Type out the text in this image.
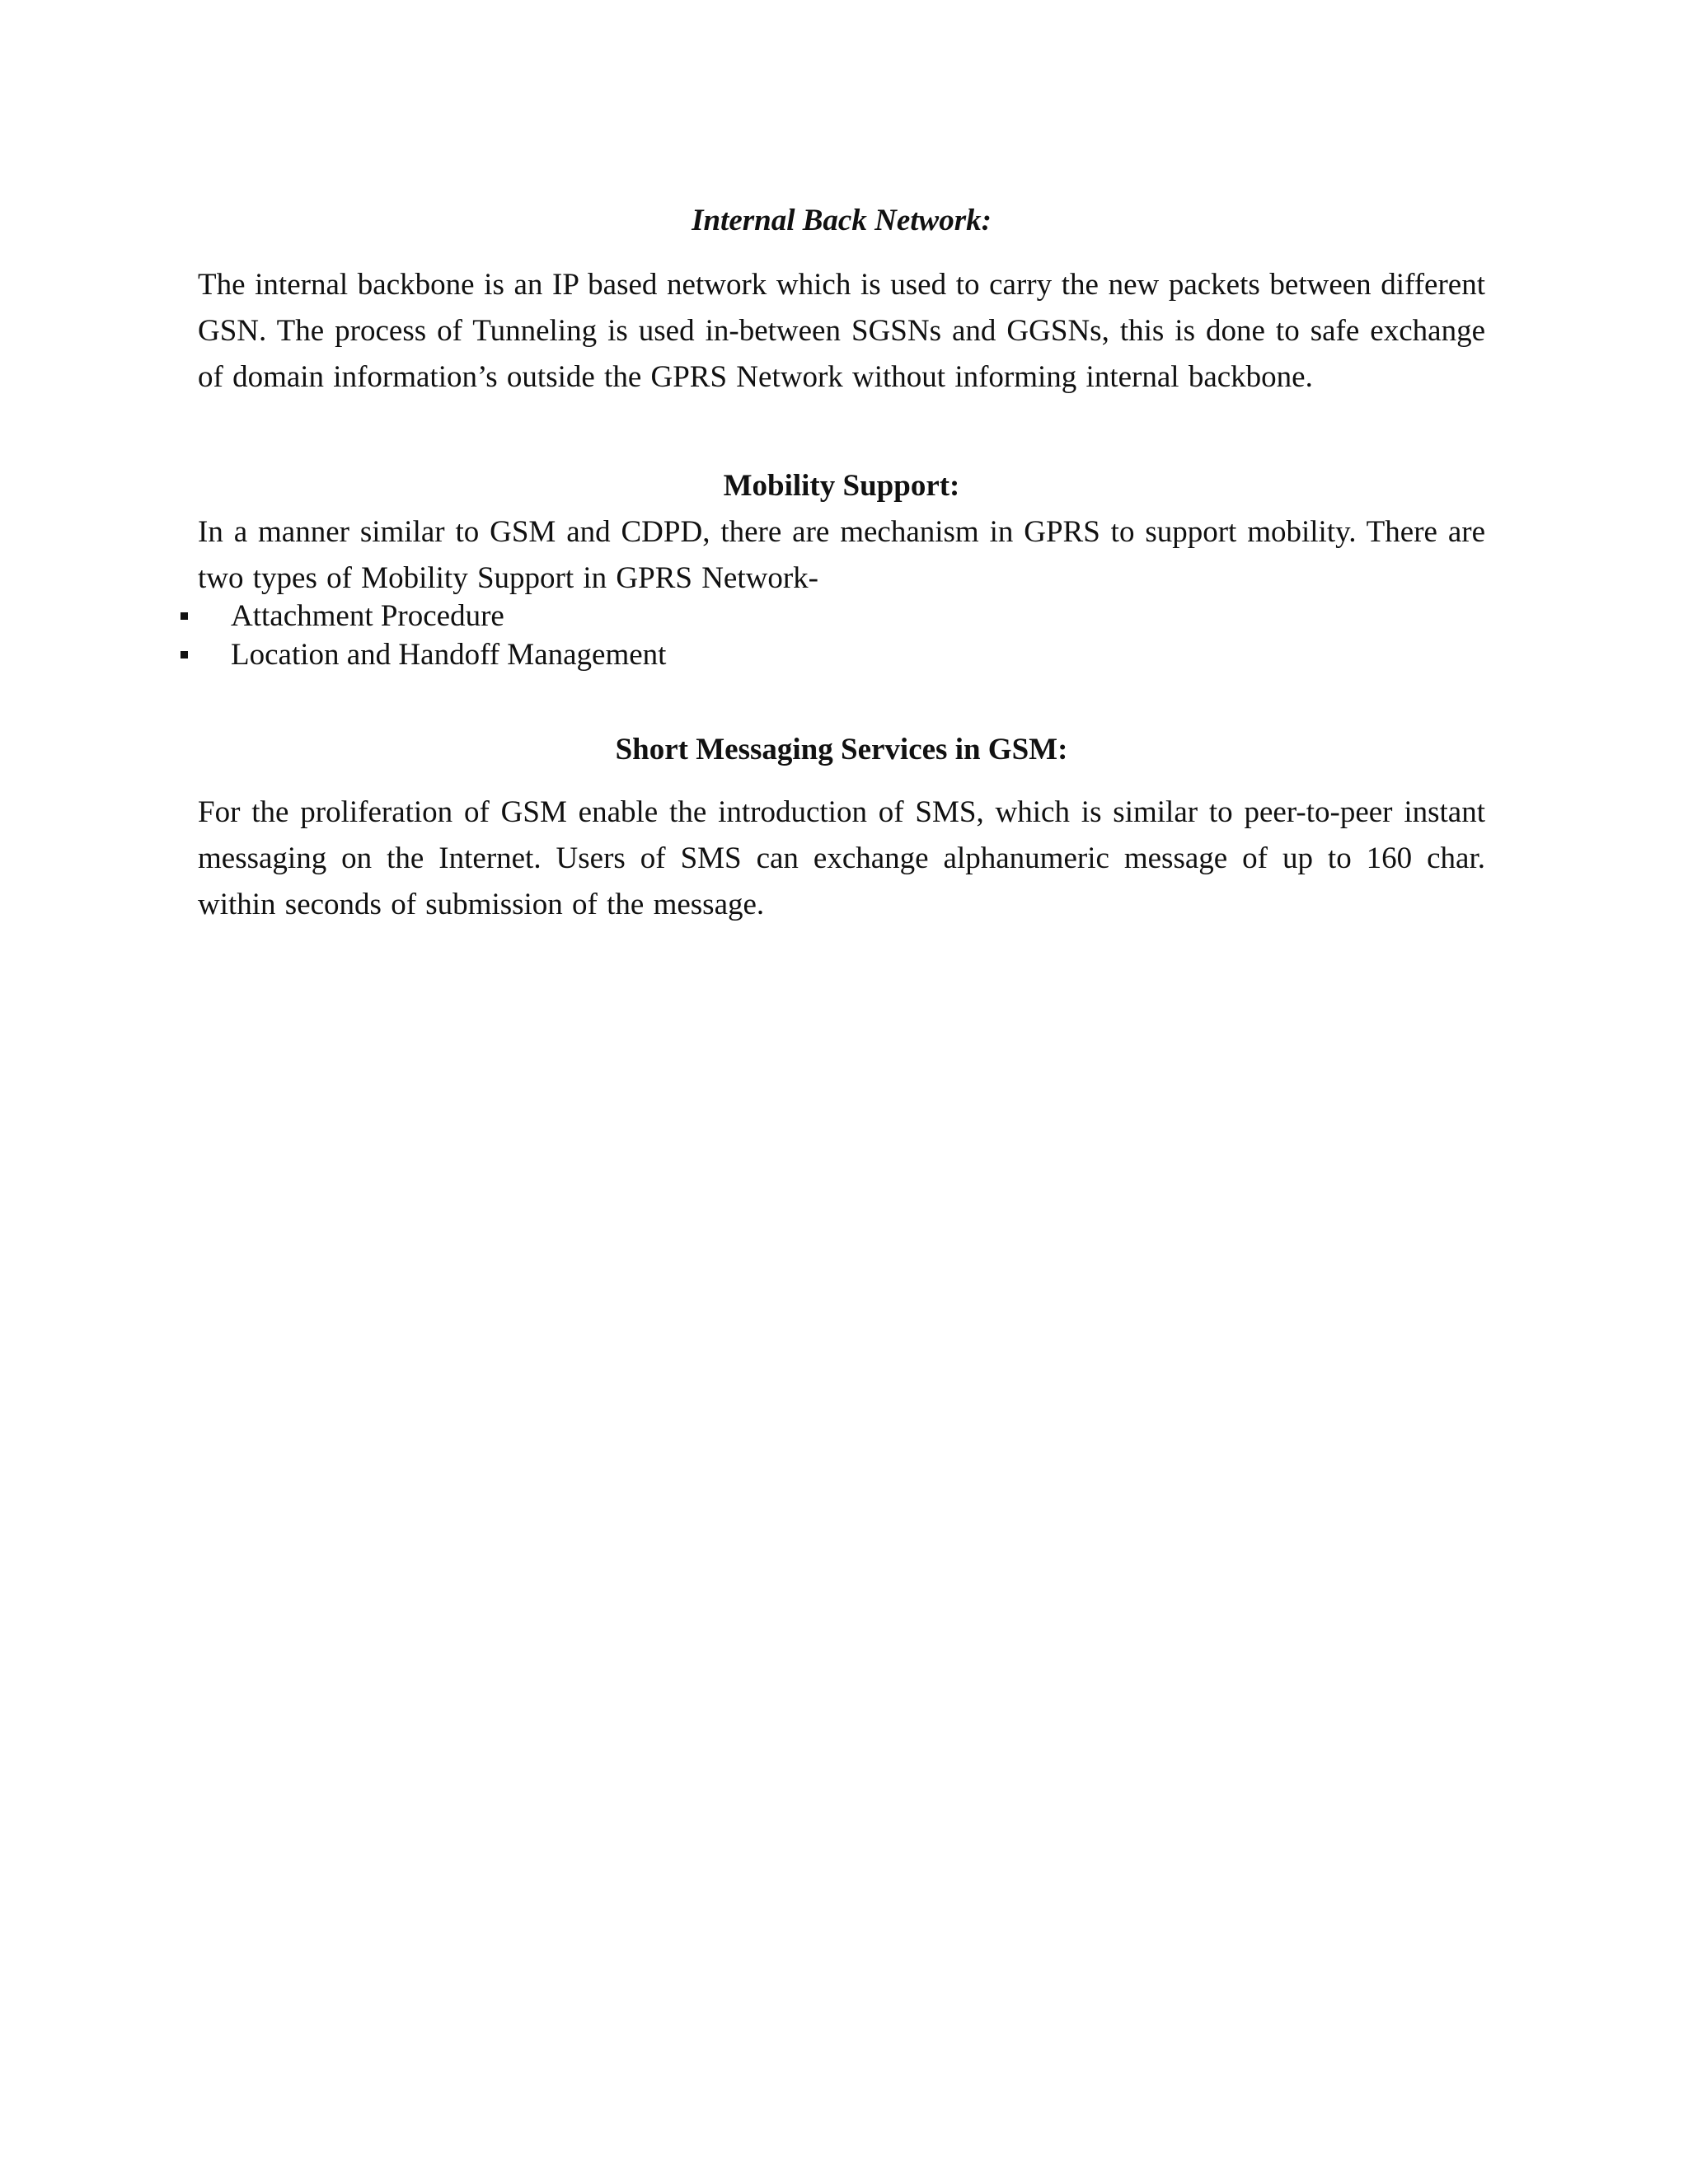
Internal Back Network:

The internal backbone is an IP based network which is used to carry the new packets between different GSN. The process of Tunneling is used in-between SGSNs and GGSNs, this is done to safe exchange of domain information’s outside the GPRS Network without informing internal backbone.

Mobility Support:

In a manner similar to GSM and CDPD, there are mechanism in GPRS to support mobility. There are two types of Mobility Support in GPRS Network-

Attachment Procedure
Location and Handoff Management
Short Messaging Services in GSM:

For the proliferation of GSM enable the introduction of SMS, which is similar to peer-to-peer instant messaging on the Internet. Users of SMS can exchange alphanumeric message of up to 160 char. within seconds of submission of the message.
